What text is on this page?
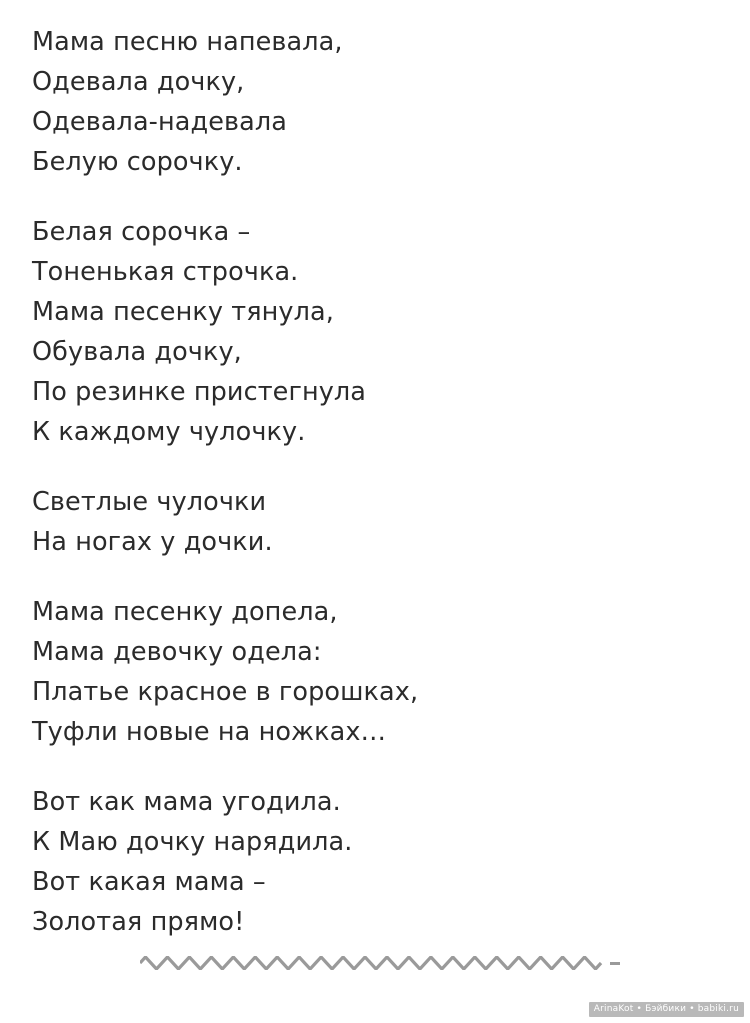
Мама песню напевала,
Одевала дочку,
Одевала-надевала
Белую сорочку.
Белая сорочка –
Тоненькая строчка.
Мама песенку тянула,
Обувала дочку,
По резинке пристегнула
К каждому чулочку.
Светлые чулочки
На ногах у дочки.
Мама песенку допела,
Мама девочку одела:
Платье красное в горошках,
Туфли новые на ножках…
Вот как мама угодила.
К Маю дочку нарядила.
Вот какая мама –
Золотая прямо!
ArinaKot • Бэйбики • babiki.ru
